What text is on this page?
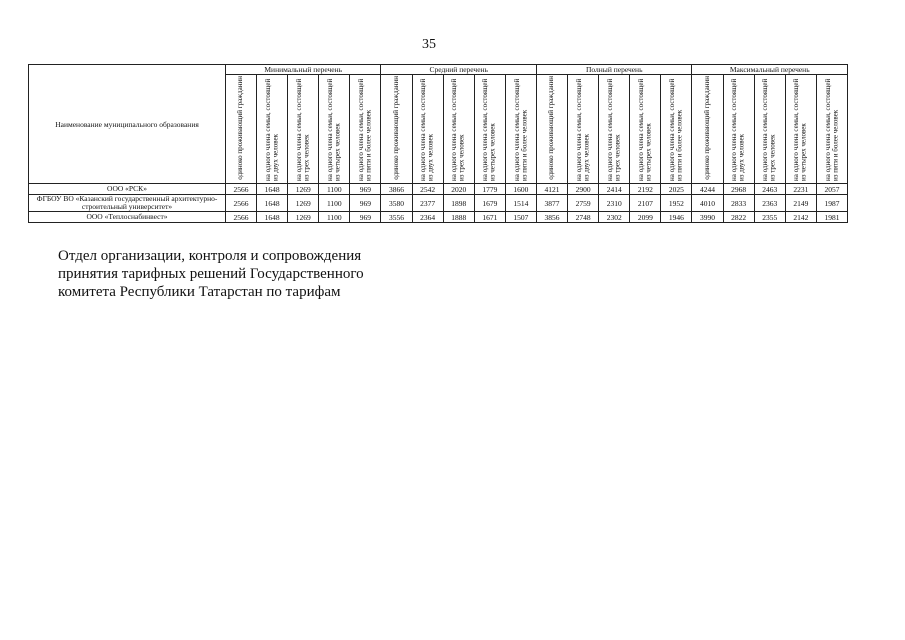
35
Наименование муниципального образования	Минимальный перечень					Средний перечень					Полный перечень					Максимальный перечень				
	одиноко проживающий гражданин	на одного члена семьи, состоящей из двух человек	на одного члена семьи, состоящей из трех человек	на одного члена семьи, состоящей из четырех человек	на одного члена семьи, состоящей из пяти и более человек	одиноко проживающий гражданин	на одного члена семьи, состоящей из двух человек	на одного члена семьи, состоящей из трех человек	на одного члена семьи, состоящей из четырех человек	на одного члена семьи, состоящей из пяти и более человек	одиноко проживающий гражданин	на одного члена семьи, состоящей из двух человек	на одного члена семьи, состоящей из трех человек	на одного члена семьи, состоящей из четырех человек	на одного члена семьи, состоящей из пяти и более человек	одиноко проживающий гражданин	на одного члена семьи, состоящей из двух человек	на одного члена семьи, состоящей из трех человек	на одного члена семьи, состоящей из четырех человек	на одного члена семьи, состоящей из пяти и более человек
ООО «РСК»	2566	1648	1269	1100	969	3866	2542	2020	1779	1600	4121	2900	2414	2192	2025	4244	2968	2463	2231	2057
ФГБОУ ВО «Казанский государственный архитектурно-строительный университет»	2566	1648	1269	1100	969	3580	2377	1898	1679	1514	3877	2759	2310	2107	1952	4010	2833	2363	2149	1987
ООО «Теплоснабинвест»	2566	1648	1269	1100	969	3556	2364	1888	1671	1507	3856	2748	2302	2099	1946	3990	2822	2355	2142	1981
Отдел организации, контроля и сопровождения
принятия тарифных решений Государственного
комитета Республики Татарстан по тарифам
